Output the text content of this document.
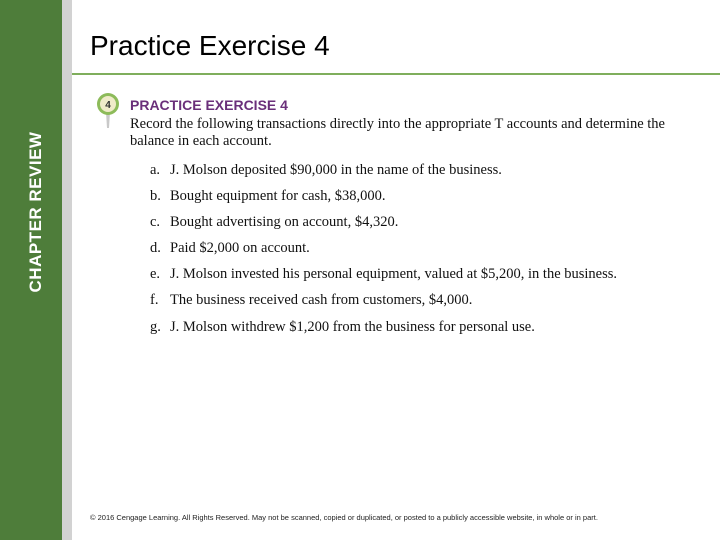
CHAPTER REVIEW
Practice Exercise 4
4 PRACTICE EXERCISE 4

Record the following transactions directly into the appropriate T accounts and determine the balance in each account.

a. J. Molson deposited $90,000 in the name of the business.
b. Bought equipment for cash, $38,000.
c. Bought advertising on account, $4,320.
d. Paid $2,000 on account.
e. J. Molson invested his personal equipment, valued at $5,200, in the business.
f. The business received cash from customers, $4,000.
g. J. Molson withdrew $1,200 from the business for personal use.
© 2016 Cengage Learning. All Rights Reserved. May not be scanned, copied or duplicated, or posted to a publicly accessible website, in whole or in part.
